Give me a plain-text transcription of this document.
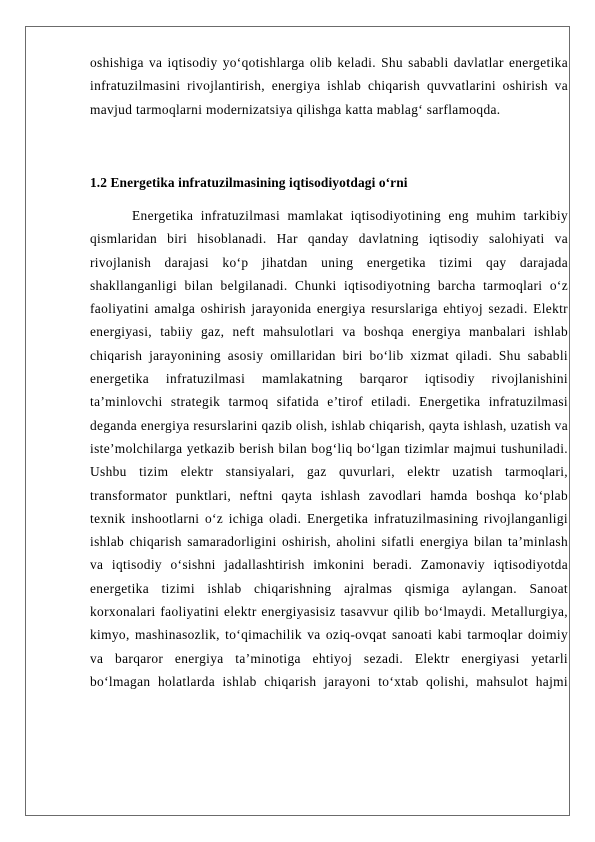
oshishiga va iqtisodiy yo‘qotishlarga olib keladi. Shu sababli davlatlar energetika infratuzilmasini rivojlantirish, energiya ishlab chiqarish quvvatlarini oshirish va mavjud tarmoqlarni modernizatsiya qilishga katta mablag‘ sarflamoqda.

1.2 Energetika infratuzilmasining iqtisodiyotdagi o‘rni

Energetika infratuzilmasi mamlakat iqtisodiyotining eng muhim tarkibiy qismlaridan biri hisoblanadi. Har qanday davlatning iqtisodiy salohiyati va rivojlanish darajasi ko‘p jihatdan uning energetika tizimi qay darajada shakllanganligi bilan belgilanadi. Chunki iqtisodiyotning barcha tarmoqlari o‘z faoliyatini amalga oshirish jarayonida energiya resurslariga ehtiyoj sezadi. Elektr energiyasi, tabiiy gaz, neft mahsulotlari va boshqa energiya manbalari ishlab chiqarish jarayonining asosiy omillaridan biri bo‘lib xizmat qiladi. Shu sababli energetika infratuzilmasi mamlakatning barqaror iqtisodiy rivojlanishini ta’minlovchi strategik tarmoq sifatida e’tirof etiladi. Energetika infratuzilmasi deganda energiya resurslarini qazib olish, ishlab chiqarish, qayta ishlash, uzatish va iste’molchilarga yetkazib berish bilan bog‘liq bo‘lgan tizimlar majmui tushuniladi. Ushbu tizim elektr stansiyalari, gaz quvurlari, elektr uzatish tarmoqlari, transformator punktlari, neftni qayta ishlash zavodlari hamda boshqa ko‘plab texnik inshootlarni o‘z ichiga oladi. Energetika infratuzilmasining rivojlanganligi ishlab chiqarish samaradorligini oshirish, aholini sifatli energiya bilan ta’minlash va iqtisodiy o‘sishni jadallashtirish imkonini beradi. Zamonaviy iqtisodiyotda energetika tizimi ishlab chiqarishning ajralmas qismiga aylangan. Sanoat korxonalari faoliyatini elektr energiyasisiz tasavvur qilib bo‘lmaydi. Metallurgiya, kimyo, mashinasozlik, to‘qimachilik va oziq-ovqat sanoati kabi tarmoqlar doimiy va barqaror energiya ta’minotiga ehtiyoj sezadi. Elektr energiyasi yetarli bo‘lmagan holatlarda ishlab chiqarish jarayoni to‘xtab qolishi, mahsulot hajmi
